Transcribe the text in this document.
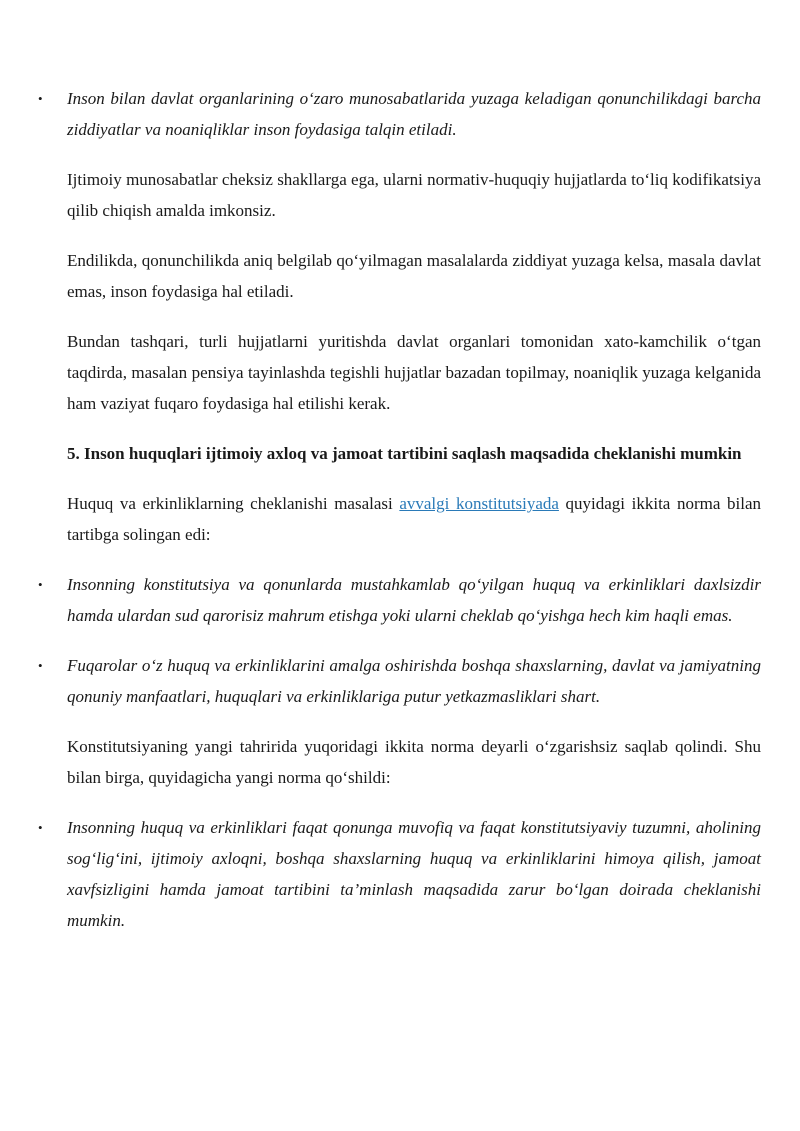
• Inson bilan davlat organlarining o‘zaro munosabatlarida yuzaga keladigan qonunchilikdagi barcha ziddiyatlar va noaniqliklar inson foydasiga talqin etiladi.

Ijtimoiy munosabatlar cheksiz shakllarga ega, ularni normativ-huquqiy hujjatlarda to‘liq kodifikatsiya qilib chiqish amalda imkonsiz.

Endilikda, qonunchilikda aniq belgilab qo‘yilmagan masalalarda ziddiyat yuzaga kelsa, masala davlat emas, inson foydasiga hal etiladi.

Bundan tashqari, turli hujjatlarni yuritishda davlat organlari tomonidan xato-kamchilik o‘tgan taqdirda, masalan pensiya tayinlashda tegishli hujjatlar bazadan topilmay, noaniqlik yuzaga kelganida ham vaziyat fuqaro foydasiga hal etilishi kerak.

5. Inson huquqlari ijtimoiy axloq va jamoat tartibini saqlash maqsadida cheklanishi mumkin

Huquq va erkinliklarning cheklanishi masalasi avvalgi konstitutsiyada quyidagi ikkita norma bilan tartibga solingan edi:

• Insonning konstitutsiya va qonunlarda mustahkamlab qo‘yilgan huquq va erkinliklari daxlsizdir hamda ulardan sud qarorisiz mahrum etishga yoki ularni cheklab qo‘yishga hech kim haqli emas.
• Fuqarolar o‘z huquq va erkinliklarini amalga oshirishda boshqa shaxslarning, davlat va jamiyatning qonuniy manfaatlari, huquqlari va erkinliklariga putur yetkazmasliklari shart.

Konstitutsiyaning yangi tahririda yuqoridagi ikkita norma deyarli o‘zgarishsiz saqlab qolindi. Shu bilan birga, quyidagicha yangi norma qo‘shildi:

• Insonning huquq va erkinliklari faqat qonunga muvofiq va faqat konstitutsiyaviy tuzumni, aholining sog‘lig‘ini, ijtimoiy axloqni, boshqa shaxslarning huquq va erkinliklarini himoya qilish, jamoat xavfsizligini hamda jamoat tartibini ta’minlash maqsadida zarur bo‘lgan doirada cheklanishi mumkin.
